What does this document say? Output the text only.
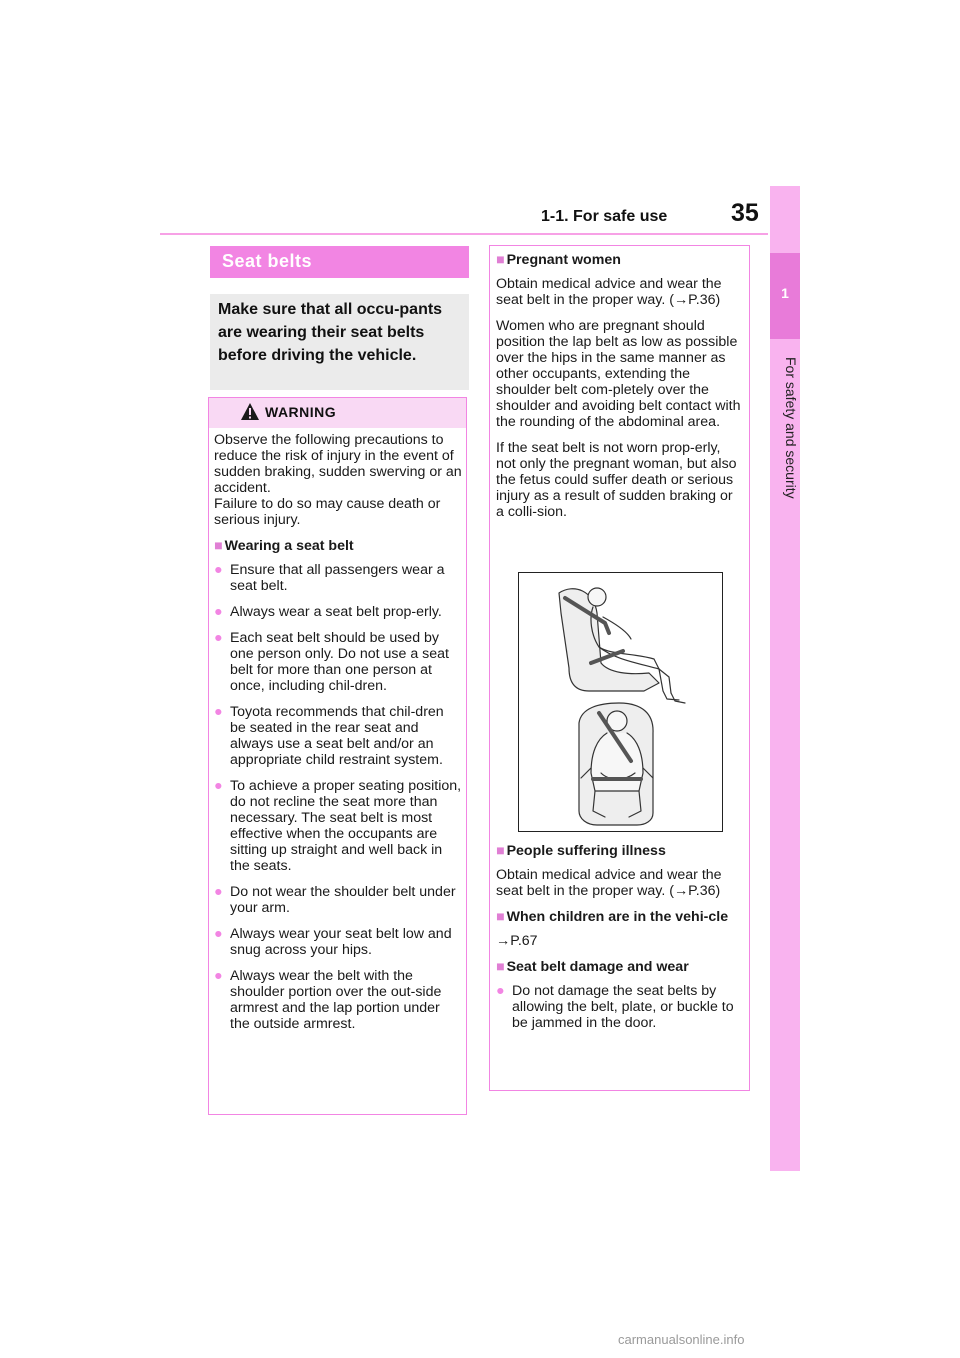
1-1. For safe use	35
1
For safety and security
Seat belts
Make sure that all occu-pants are wearing their seat belts before driving the vehicle.
WARNING

Observe the following precautions to reduce the risk of injury in the event of sudden braking, sudden swerving or an accident.

Failure to do so may cause death or serious injury.

■ Wearing a seat belt

● Ensure that all passengers wear a seat belt.

● Always wear a seat belt prop-erly.

● Each seat belt should be used by one person only. Do not use a seat belt for more than one person at once, including chil-dren.

● Toyota recommends that chil-dren be seated in the rear seat and always use a seat belt and/or an appropriate child restraint system.

● To achieve a proper seating position, do not recline the seat more than necessary. The seat belt is most effective when the occupants are sitting up straight and well back in the seats.

● Do not wear the shoulder belt under your arm.

● Always wear your seat belt low and snug across your hips.

● Always wear the belt with the shoulder portion over the out-side armrest and the lap portion under the outside armrest.

■ Pregnant women

Obtain medical advice and wear the seat belt in the proper way. (→P.36)

Women who are pregnant should position the lap belt as low as possible over the hips in the same manner as other occupants, extending the shoulder belt com-pletely over the shoulder and avoiding belt contact with the rounding of the abdominal area.

If the seat belt is not worn prop-erly, not only the pregnant woman, but also the fetus could suffer death or serious injury as a result of sudden braking or a colli-sion.

■ People suffering illness

Obtain medical advice and wear the seat belt in the proper way. (→P.36)

■ When children are in the vehi-cle

→P.67

■ Seat belt damage and wear

● Do not damage the seat belts by allowing the belt, plate, or buckle to be jammed in the door.

carmanualsonline.info
